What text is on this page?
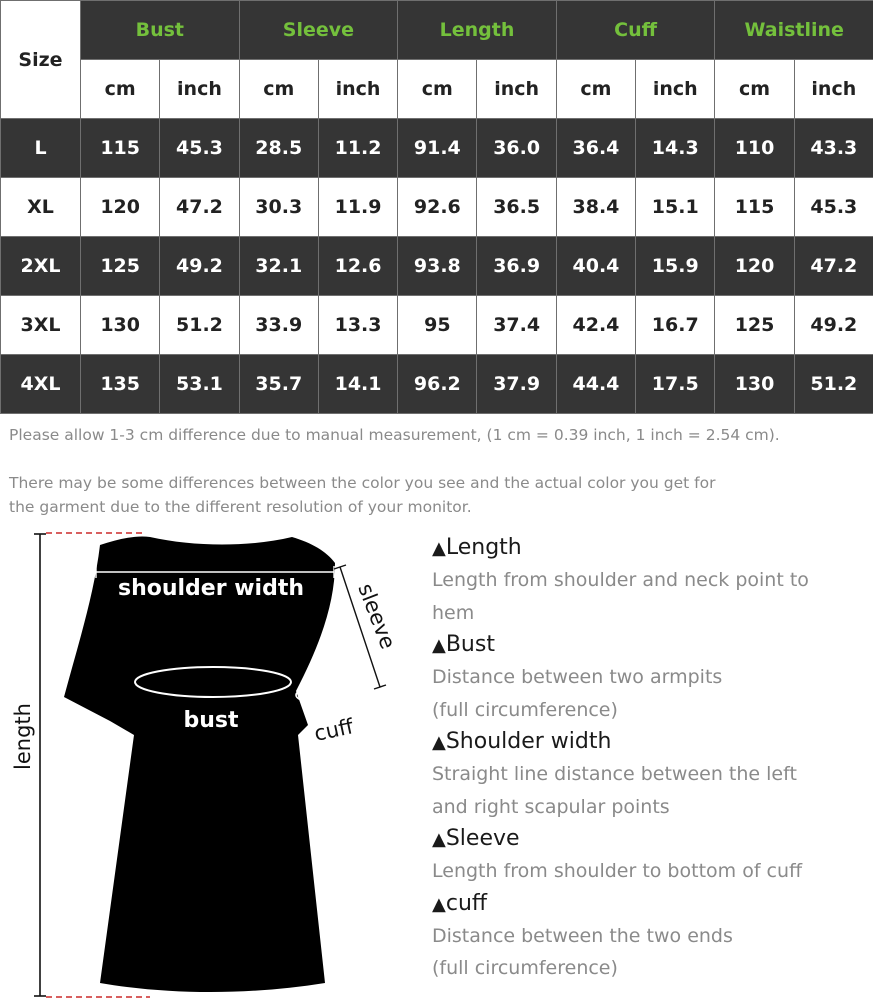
Size	Bust		Sleeve		Length		Cuff		Waistline	
	cm	inch	cm	inch	cm	inch	cm	inch	cm	inch
L	115	45.3	28.5	11.2	91.4	36.0	36.4	14.3	110	43.3
XL	120	47.2	30.3	11.9	92.6	36.5	38.4	15.1	115	45.3
2XL	125	49.2	32.1	12.6	93.8	36.9	40.4	15.9	120	47.2
3XL	130	51.2	33.9	13.3	95	37.4	42.4	16.7	125	49.2
4XL	135	53.1	35.7	14.1	96.2	37.9	44.4	17.5	130	51.2
Please allow 1-3 cm difference due to manual measurement, (1 cm = 0.39 inch, 1 inch = 2.54 cm).
There may be some differences between the color you see and the actual color you get for
the garment due to the different resolution of your monitor.
shoulder width
bust
sleeve
cuff
length
▲Length
Length from shoulder and neck point to
hem
▲Bust
Distance between two armpits
(full circumference)
▲Shoulder width
Straight line distance between the left
and right scapular points
▲Sleeve
Length from shoulder to bottom of cuff
▲cuff
Distance between the two ends
(full circumference)
